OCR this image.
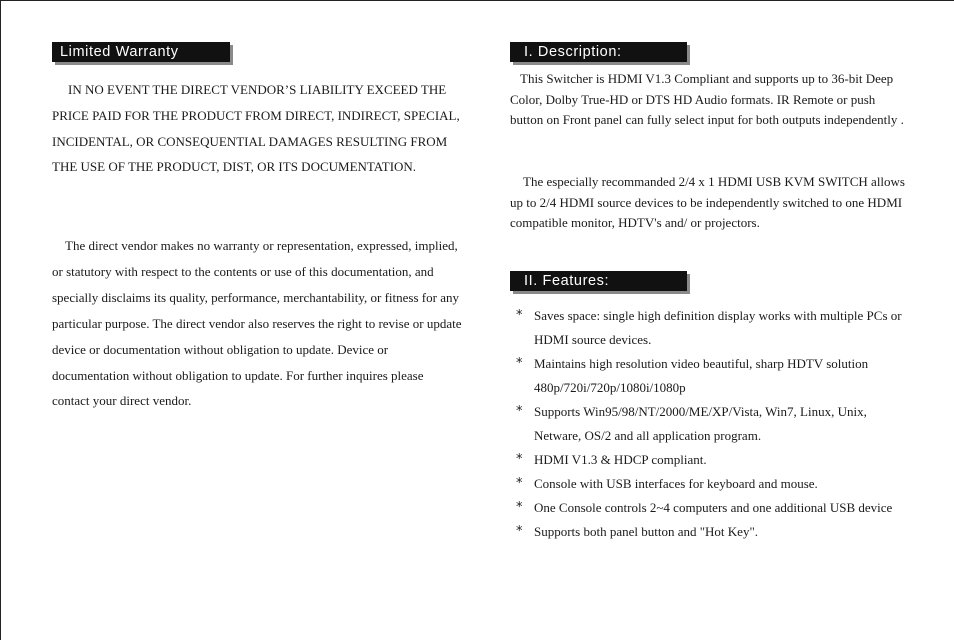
Limited Warranty

IN NO EVENT THE DIRECT VENDOR’S LIABILITY EXCEED THE PRICE PAID FOR THE PRODUCT FROM DIRECT, INDIRECT, SPECIAL, INCIDENTAL, OR CONSEQUENTIAL DAMAGES RESULTING FROM THE USE OF THE PRODUCT, DIST, OR ITS DOCUMENTATION.

The direct vendor makes no warranty or representation, expressed, implied, or statutory with respect to the contents or use of this documentation, and specially disclaims its quality, performance, merchantability, or fitness for any particular purpose. The direct vendor also reserves the right to revise or update device or documentation without obligation to update. Device or documentation without obligation to update. For further inquires please contact your direct vendor.

I. Description:

This Switcher is HDMI V1.3 Compliant and supports up to 36-bit Deep Color, Dolby True-HD or DTS HD Audio formats. IR Remote or push button on Front panel can fully select input for both outputs independently .

The especially recommanded 2/4 x 1 HDMI USB KVM SWITCH allows up to 2/4 HDMI source devices to be independently switched to one HDMI compatible monitor, HDTV's and/ or projectors.

II. Features:
* Saves space: single high definition display works with multiple PCs or HDMI source devices.
* Maintains high resolution video beautiful, sharp HDTV solution 480p/720i/720p/1080i/1080p
* Supports Win95/98/NT/2000/ME/XP/Vista, Win7, Linux, Unix, Netware, OS/2 and all application program.
* HDMI V1.3 & HDCP compliant.
* Console with USB interfaces for keyboard and mouse.
* One Console controls 2~4 computers and one additional USB device
* Supports both panel button and "Hot Key".
